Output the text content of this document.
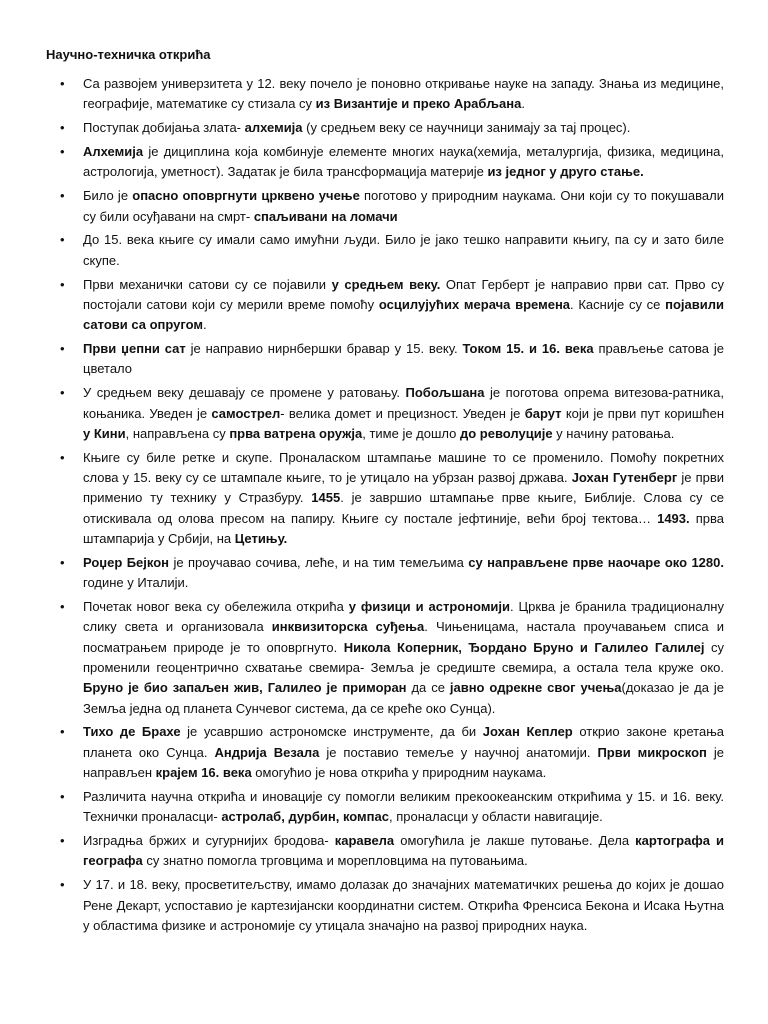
Научно-техничка открића
• Са развојем универзитета у 12. веку почело је поновно откривање науке на западу. Знања из медицине, географије, математике су стизала су из Византије и преко Арабљана.
• Поступак добијања злата- алхемија (у средњем веку се научници занимају за тај процес).
• Алхемија је дициплина која комбинује елементе многих наука(хемија, металургија, физика, медицина, астрологија, уметност). Задатак је била трансформација материје из једног у друго стање.
• Било је опасно оповргнути црквено учење поготово у природним наукама. Они који су то покушавали су били осуђавани на смрт- спаљивани на ломачи
• До 15. века књиге су имали само имућни људи. Било је јако тешко направити књигу, па су и зато биле скупе.
• Први механички сатови су се појавили у средњем веку. Опат Герберт је направио први сат. Прво су постојали сатови који су мерили време помоћу осцилујућих мерача времена. Касније су се појавили сатови са опругом.
• Први џепни сат је направио нирнбершки бравар у 15. веку. Током 15. и 16. века прављење сатова је цветало
• У средњем веку дешавају се промене у ратовању. Побољшана је поготова опрема витезова-ратника, коњаника. Уведен је самострел- велика домет и прецизност. Уведен је барут који је први пут коришћен у Кини, направљена су прва ватрена оружја, тиме је дошло до револуције у начину ратовања.
• Књиге су биле ретке и скупе. Проналаском штампање машине то се променило. Помоћу покретних слова у 15. веку су се штампале књиге, то је утицало на убрзан развој држава. Јохан Гутенберг је први применио ту технику у Стразбуру. 1455. је завршио штампање прве књиге, Библије. Слова су се отискивала од олова пресом на папиру. Књиге су постале јефтиније, већи број тектова… 1493. прва штампарија у Србији, на Цетињу.
• Роџер Бејкон је проучавао сочива, леће, и на тим темељима су направљене прве наочаре око 1280. године у Италији.
• Почетак новог века су обележила открића у физици и астрономији. Црква је бранила традиционалну слику света и организовала инквизиторска суђења. Чињеницама, настала проучавањем списа и посматрањем природе је то оповргнуто. Никола Коперник, Ђордано Бруно и Галилео Галилеј су променили геоцентрично схватање свемира- Земља је средиште свемира, а остала тела круже око. Бруно је био запаљен жив, Галилео је приморан да се јавно одрекне свог учења(доказао је да је Земља једна од планета Сунчевог система, да се креће око Сунца).
• Тихо де Брахе је усавршио астрономске инструменте, да би Јохан Кеплер открио законе кретања планета око Сунца. Андрија Везала је поставио темеље у научној анатомији. Први микроскоп је направљен крајем 16. века омогућио је нова открића у природним наукама.
• Различита научна открића и иновације су помогли великим прекоокеанским открићима у 15. и 16. веку. Технички проналасци- астролаб, дурбин, компас, проналасци у области навигације.
• Изградња бржих и сугурнијих бродова- каравела омогућила је лакше путовање. Дела картографа и географа су знатно помогла трговцима и морепловцима на путовањима.
• У 17. и 18. веку, просветитељству, имамо долазак до значајних математичких решења до којих је дошао Рене Декарт, успоставио је картезијански координатни систем. Открића Френсиса Бекона и Исака Њутна у областима физике и астрономије су утицала значајно на развој природних наука.
